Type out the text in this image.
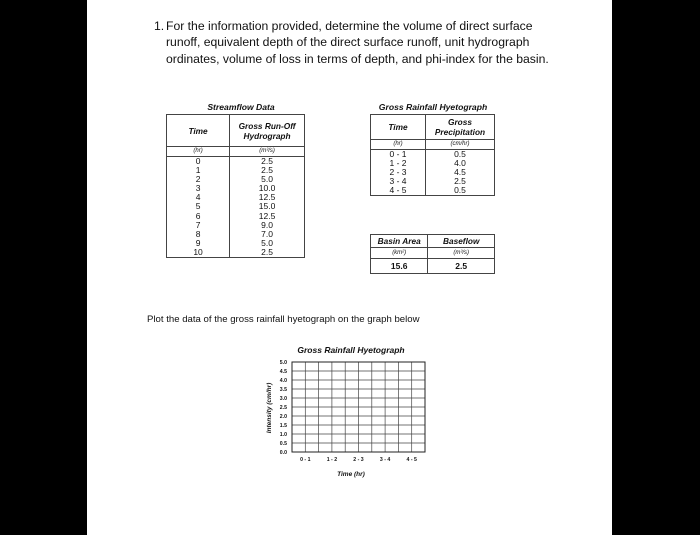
1. For the information provided, determine the volume of direct surface runoff, equivalent depth of the direct surface runoff, unit hydrograph ordinates, volume of loss in terms of depth, and phi-index for the basin.
Streamflow Data
Time	Gross Run-Off Hydrograph
(hr)	(m³/s)
0	2.5
1	2.5
2	5.0
3	10.0
4	12.5
5	15.0
6	12.5
7	9.0
8	7.0
9	5.0
10	2.5
Gross Rainfall Hyetograph
Time	Gross Precipitation
(hr)	(cm/hr)
0 - 1	0.5
1 - 2	4.0
2 - 3	4.5
3 - 4	2.5
4 - 5	0.5
Basin Area	Baseflow
(km²)	(m³/s)
15.6	2.5
Plot the data of the gross rainfall hyetograph on the graph below
Gross Rainfall Hyetograph
0.0
0.5
1.0
1.5
2.0
2.5
3.0
3.5
4.0
4.5
5.0
0 - 1	1 - 2	2 - 3	3 - 4	4 - 5
Intensity (cm/hr)
Time (hr)
